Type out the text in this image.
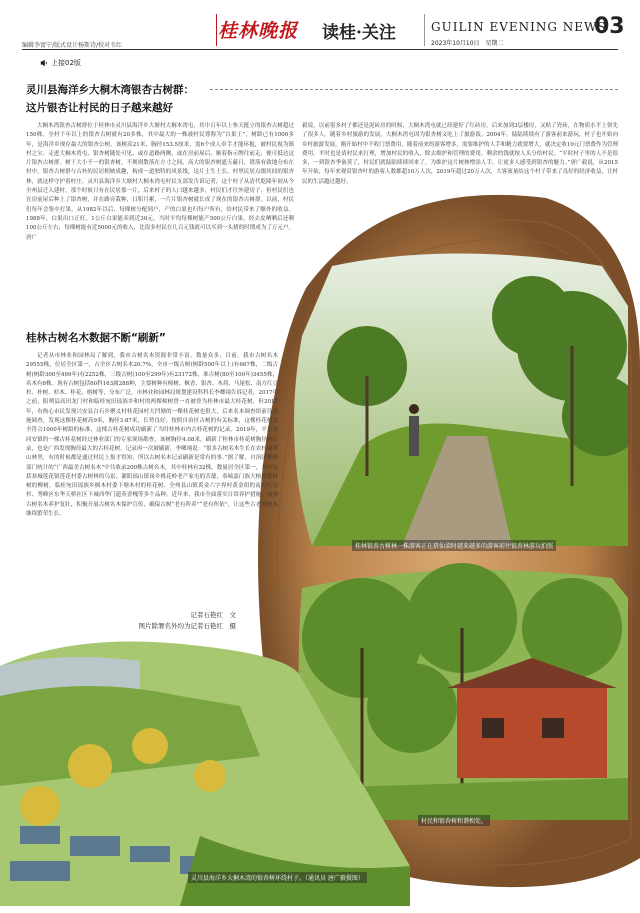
编辑李富宁/版式设计杨斯诗/校对韦红
桂林晚报 读桂·关注	GUILIN EVENING NEWS
2023年10月10日　星期二
03
上接02版
灵川县海洋乡大桐木湾银杏古树群：
这片银杏让村民的日子越来越好
大桐木湾银杏古树群位于桂林市灵川县海洋乡大塘村大桐木湾屯，其中百年以上参天挺立的银杏古树超过150株，全村千年以上的银杏古树就有20多株，其中最大的一株被村民尊称为“白果王”，树龄已有1000多年，是海洋乡现存最大的银杏公树。该树高21米，胸径153.5厘米，需6个成人牵手才能环抱，被村民视为镇村之宝。走进大桐木湾屯，银杏树随处可见，或在道路两侧，或在房前屋后，顺着指示牌往前走，便可抵达这片银杏古树群。树干大小不一的银杏树，不规则散落在方寸之间，高大的银杏树遮天蔽日，错落有致地分布在村中，银杏古树群与古朴的民居相映成趣，构成一道独特的风景线，这片土生土长、村里民居点缀其间的银杏林，就这样守护着村庄。灵川县海洋乡大塘村大桐木湾屯村民支部发告诉记者，这个村子从清代乾隆年间从今全州县迁入建村，那个时候只有在民居那一片，后来村子的人口越来越多，村民们才往外建房子，但村民们也在房前屋后种上了银杏树，并在路旁栽种，日积月累，一片片银杏树就长成了现在的银杏古树群。以前，村民们每年会集中打果，从1982年以后，每棵树分配到户，产的白果也归每户所有，给村民带来了额外的收益。1988年，白果出口正旺，1公斤白果能卖到近30元，当时平均每棵树能产500公斤白果，经去皮晒晒后还剩100公斤左右，每棵树能有近5000元的收入，比很多村民在几百元钱就可以买到一头猪的时期成为了万元户。唐广
毅说，以前很多村子都还是泥砖房的时候，大桐木湾屯就已经建好了红砖房，后来加到3层楼房，又贴了瓷砖，在物质水平上领先了很多人。随着乡村旅游的发展，大桐木湾屯因为银杏树又吃上了旅游饭。2004年，陆陆续续有了游客前来游玩，村子也开始向乡村旅游发展，刚开始村中不收门票费用，随着前来的游客增多，需要维护的人手和精力就要增大，就决定收10元门票费作为管理费用。平时也是请村民来打理，增加村民的收入，除去维护和管理的费用，剩余的钱就按人头分给村民。“平时村子里的人不是很多，一到银杏季备黄了，村民们就陆陆续续回来了，为维护这片树林增添人手，让更多人感受到银杏的魅力。”唐广毅说，从2015年开始，每年来观赏银杏叶的游客人数都超10万人次，2019年超过20万人次，大客流量给这个村子带来了良好的经济收益，让村民的生活越过越好。
桂林银杏古树林一株游客正在搭仙梁时越来越多的游客前往银杏林游玩拍照
村民和银杏树和谐相处。
桂林古树名木数据不断“刷新”
记者从市林业和园林局了解到，我市古树名木资源非常丰富，数量众多，目前，我市古树名木29555株，位居全区第一，占全区古树名木20.7%，全市一级古树(树龄500年以上)有667株，二级古树(树龄300至499年)有2252株，三级古树(100至299年)有23172株，准古树(80至100年)3455株，名木有8株。现有古树包括60科163属288种，主要树种有樟树、枫香、银杏、木荷、马尾松、南方红豆杉、朴树、杉木、桂花、榕树等，分布广泛。市林业和园林局规划建设科科长李卿翊告诉记者，2017年之前，阳朔县高田龙门村和临桂宛田瑶族乡和村的两棵樟树曾一直被誉为桂林市最大桂花树，但2017年，有热心市民发现兴安县白石乡聚义村桂花园村大凹塘的一棵桂花树也很大，后来名木调查组前往实施调查，发现这棵桂花树高9米，胸径3.87米，长势良好，按照自治区古树的有关标准，这棵桂花树完全符合1000年树龄的标准，这棵古桂花树成功刷新了当时桂林市内古桂花树的记录。2019年，平乐县同安镇的一棵古桂花树经过林业部门的专家现场勘查，该树胸径4.08米，刷新了桂林市桂花树胸径的记录，也是广西发现胸径最大的古桂花树。记录再一次被刷新，李卿翊说：“很多古树名木生长在农村或者山林里，有的时候都是通过村民上报才得知，所以古树名木记录刷新是常有的事。”据了解，自治区林园部门统计的“广西最美古树名木”中共收录200株古树名木，其中桂林有32株，数量居全区第一，其中包括恭城莲花镇莲花村委古树林的乌岽、灌阳瑶山镇岗乡桃花岭老产家屯的苦蘖，恭城嘉门族大榕村委柿树的柳树、临桂宛田瑶族乡枫木村委下塘木村的桂花树、全州县山镇黄金六字界村黄金组的南方红豆杉、秀峰区东华天桥社区下城西华门遗英香槐等多个品种。近年来，我市全面落实日常养护措施，加强古树名木养护复壮，积极开展古树名木保护宣传，确保古树“老有所养”“老有所依”，让这些古老的树木继续繁荣生长。
记者石艳红　文
图片除署名外均为记者石艳红　摄
灵川县海洋乡大桐木湾的银杏树环绕村子。（通讯员 唐广毅摄图）
